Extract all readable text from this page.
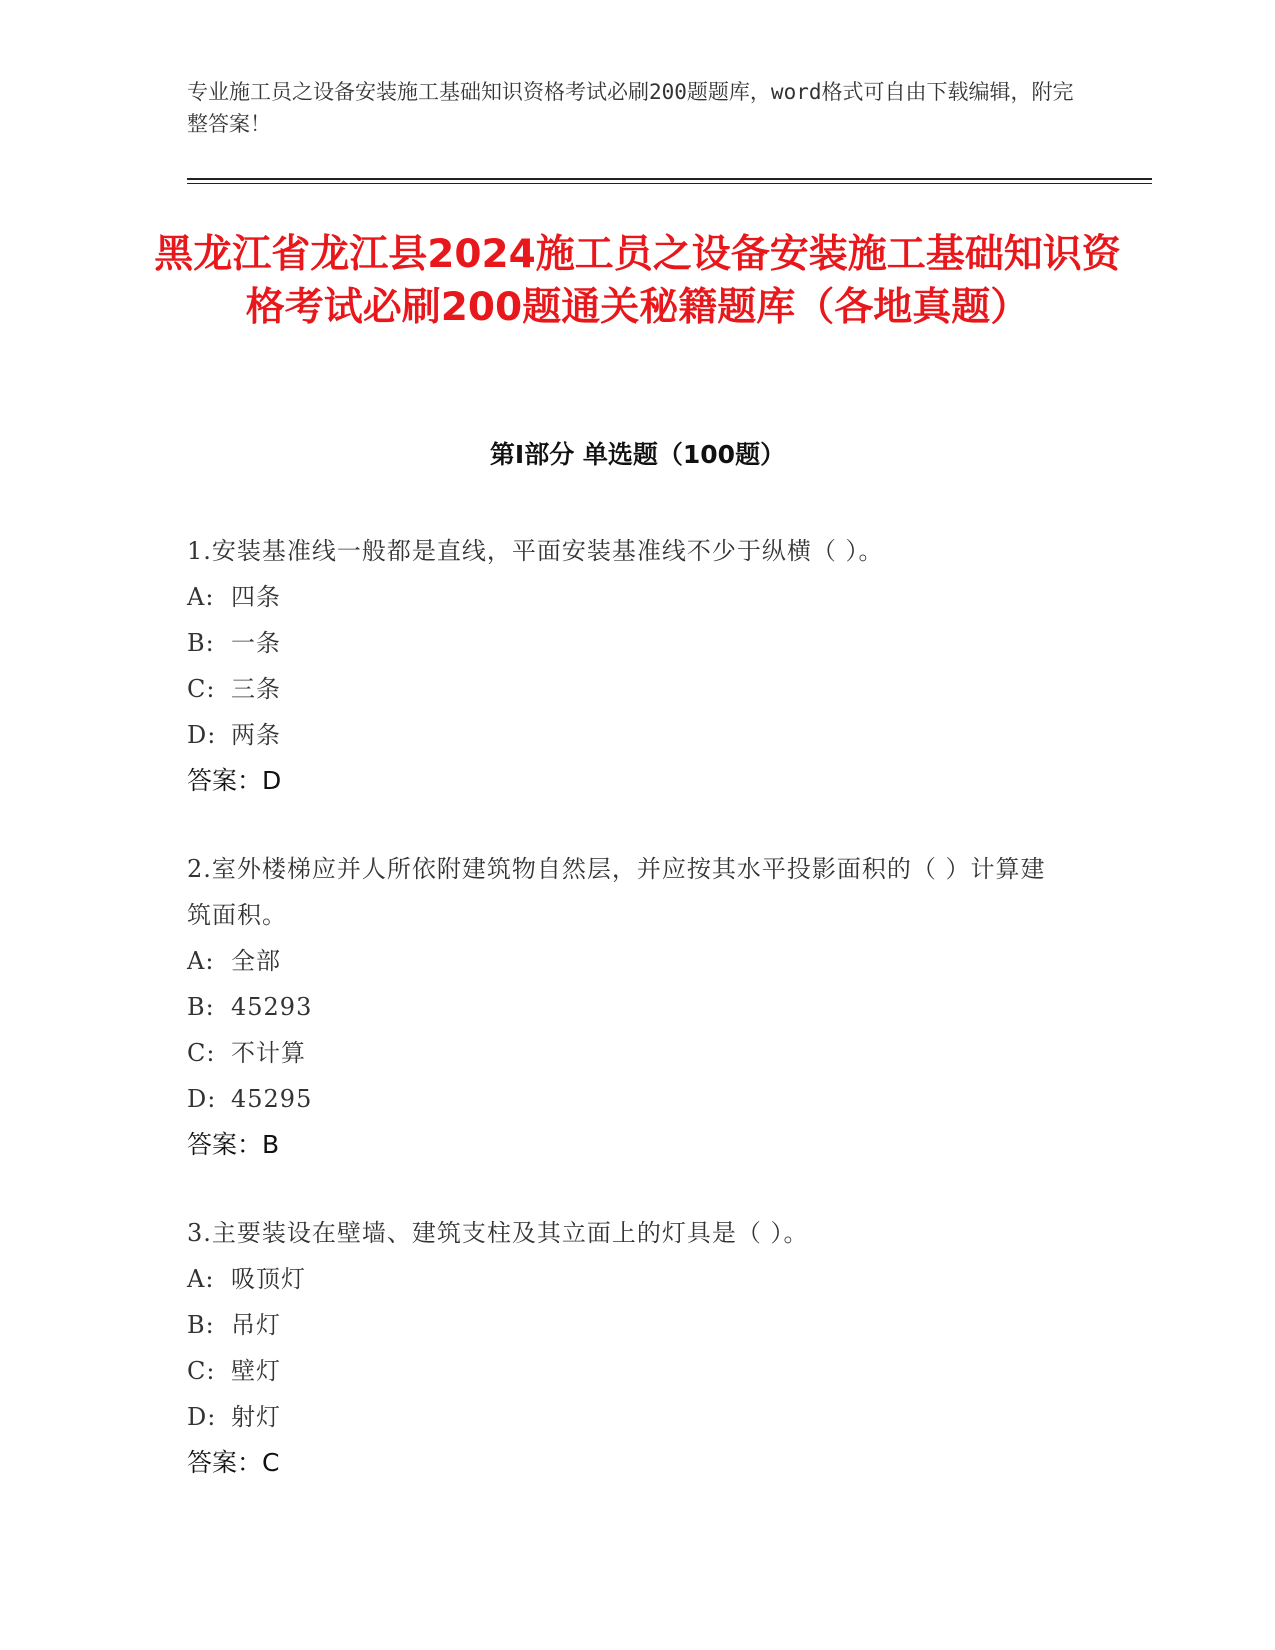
专业施工员之设备安装施工基础知识资格考试必刷200题题库，word格式可自由下载编辑，附完整答案！
黑龙江省龙江县2024施工员之设备安装施工基础知识资格考试必刷200题通关秘籍题库（各地真题）
第Ⅰ部分 单选题（100题）
1.安装基准线一般都是直线，平面安装基准线不少于纵横（ ）。
A: 四条
B: 一条
C: 三条
D: 两条
答案：D
2.室外楼梯应并人所依附建筑物自然层，并应按其水平投影面积的（ ）计算建筑面积。
A: 全部
B: 45293
C: 不计算
D: 45295
答案：B
3.主要装设在壁墙、建筑支柱及其立面上的灯具是（ ）。
A: 吸顶灯
B: 吊灯
C: 壁灯
D: 射灯
答案：C
